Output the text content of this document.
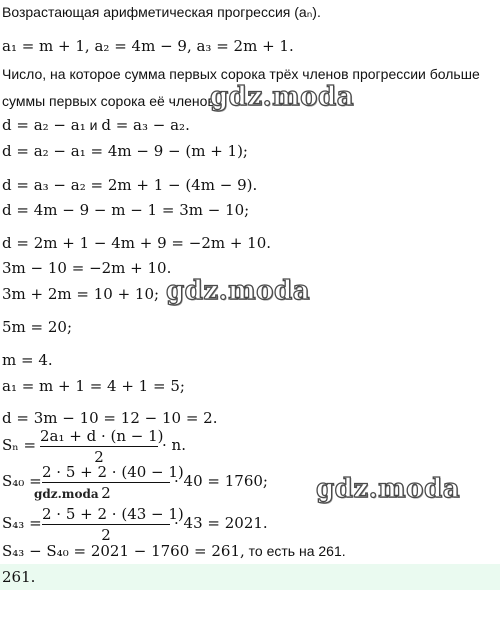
Возрастающая арифметическая прогрессия (aₙ).
a₁ = m + 1, a₂ = 4m − 9, a₃ = 2m + 1.
Число, на которое сумма первых сорока трёх членов прогрессии больше
суммы первых сорока её членов.
d = a₂ − a₁ и d = a₃ − a₂.
d = a₂ − a₁ = 4m − 9 − (m + 1);
d = a₃ − a₂ = 2m + 1 − (4m − 9).
d = 4m − 9 − m − 1 = 3m − 10;
d = 2m + 1 − 4m + 9 = −2m + 10.
3m − 10 = −2m + 10.
3m + 2m = 10 + 10;
5m = 20;
m = 4.
a₁ = m + 1 = 4 + 1 = 5;
d = 3m − 10 = 12 − 10 = 2.
Sₙ = 2a₁ + d · (n − 1)
2
· n.
S₄₀ = 2 · 5 + 2 · (40 − 1)
2
· 40 = 1760;
S₄₃ = 2 · 5 + 2 · (43 − 1)
2
· 43 = 2021.
S₄₃ − S₄₀ = 2021 − 1760 = 261, то есть на 261.
261.
gdz.moda
gdz.moda
gdz.moda
gdz.moda
